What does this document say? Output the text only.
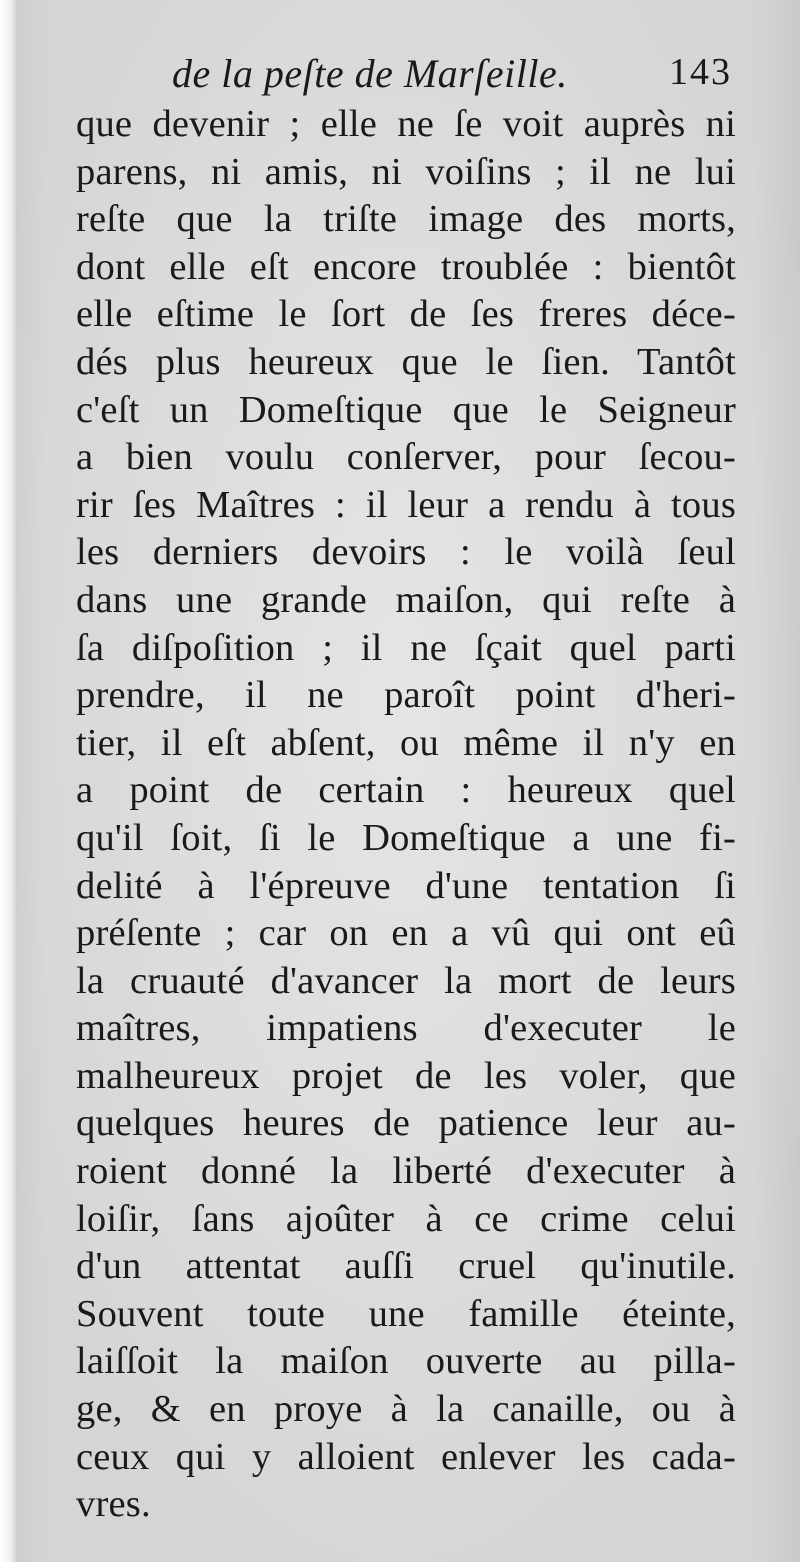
de la peſte de Marſeille.	143
que devenir ; elle ne ſe voit auprès ni
parens, ni amis, ni voiſins ; il ne lui
reſte que la triſte image des morts,
dont elle eſt encore troublée : bientôt
elle eſtime le ſort de ſes freres déce-
dés plus heureux que le ſien. Tantôt
c'eſt un Domeſtique que le Seigneur
a bien voulu conſerver, pour ſecou-
rir ſes Maîtres : il leur a rendu à tous
les derniers devoirs : le voilà ſeul
dans une grande maiſon, qui reſte à
ſa diſpoſition ; il ne ſçait quel parti
prendre, il ne paroît point d'heri-
tier, il eſt abſent, ou même il n'y en
a point de certain : heureux quel
qu'il ſoit, ſi le Domeſtique a une fi-
delité à l'épreuve d'une tentation ſi
préſente ; car on en a vû qui ont eû
la cruauté d'avancer la mort de leurs
maîtres, impatiens d'executer le
malheureux projet de les voler, que
quelques heures de patience leur au-
roient donné la liberté d'executer à
loiſir, ſans ajoûter à ce crime celui
d'un attentat auſſi cruel qu'inutile.
Souvent toute une famille éteinte,
laiſſoit la maiſon ouverte au pilla-
ge, & en proye à la canaille, ou à
ceux qui y alloient enlever les cada-
vres.
